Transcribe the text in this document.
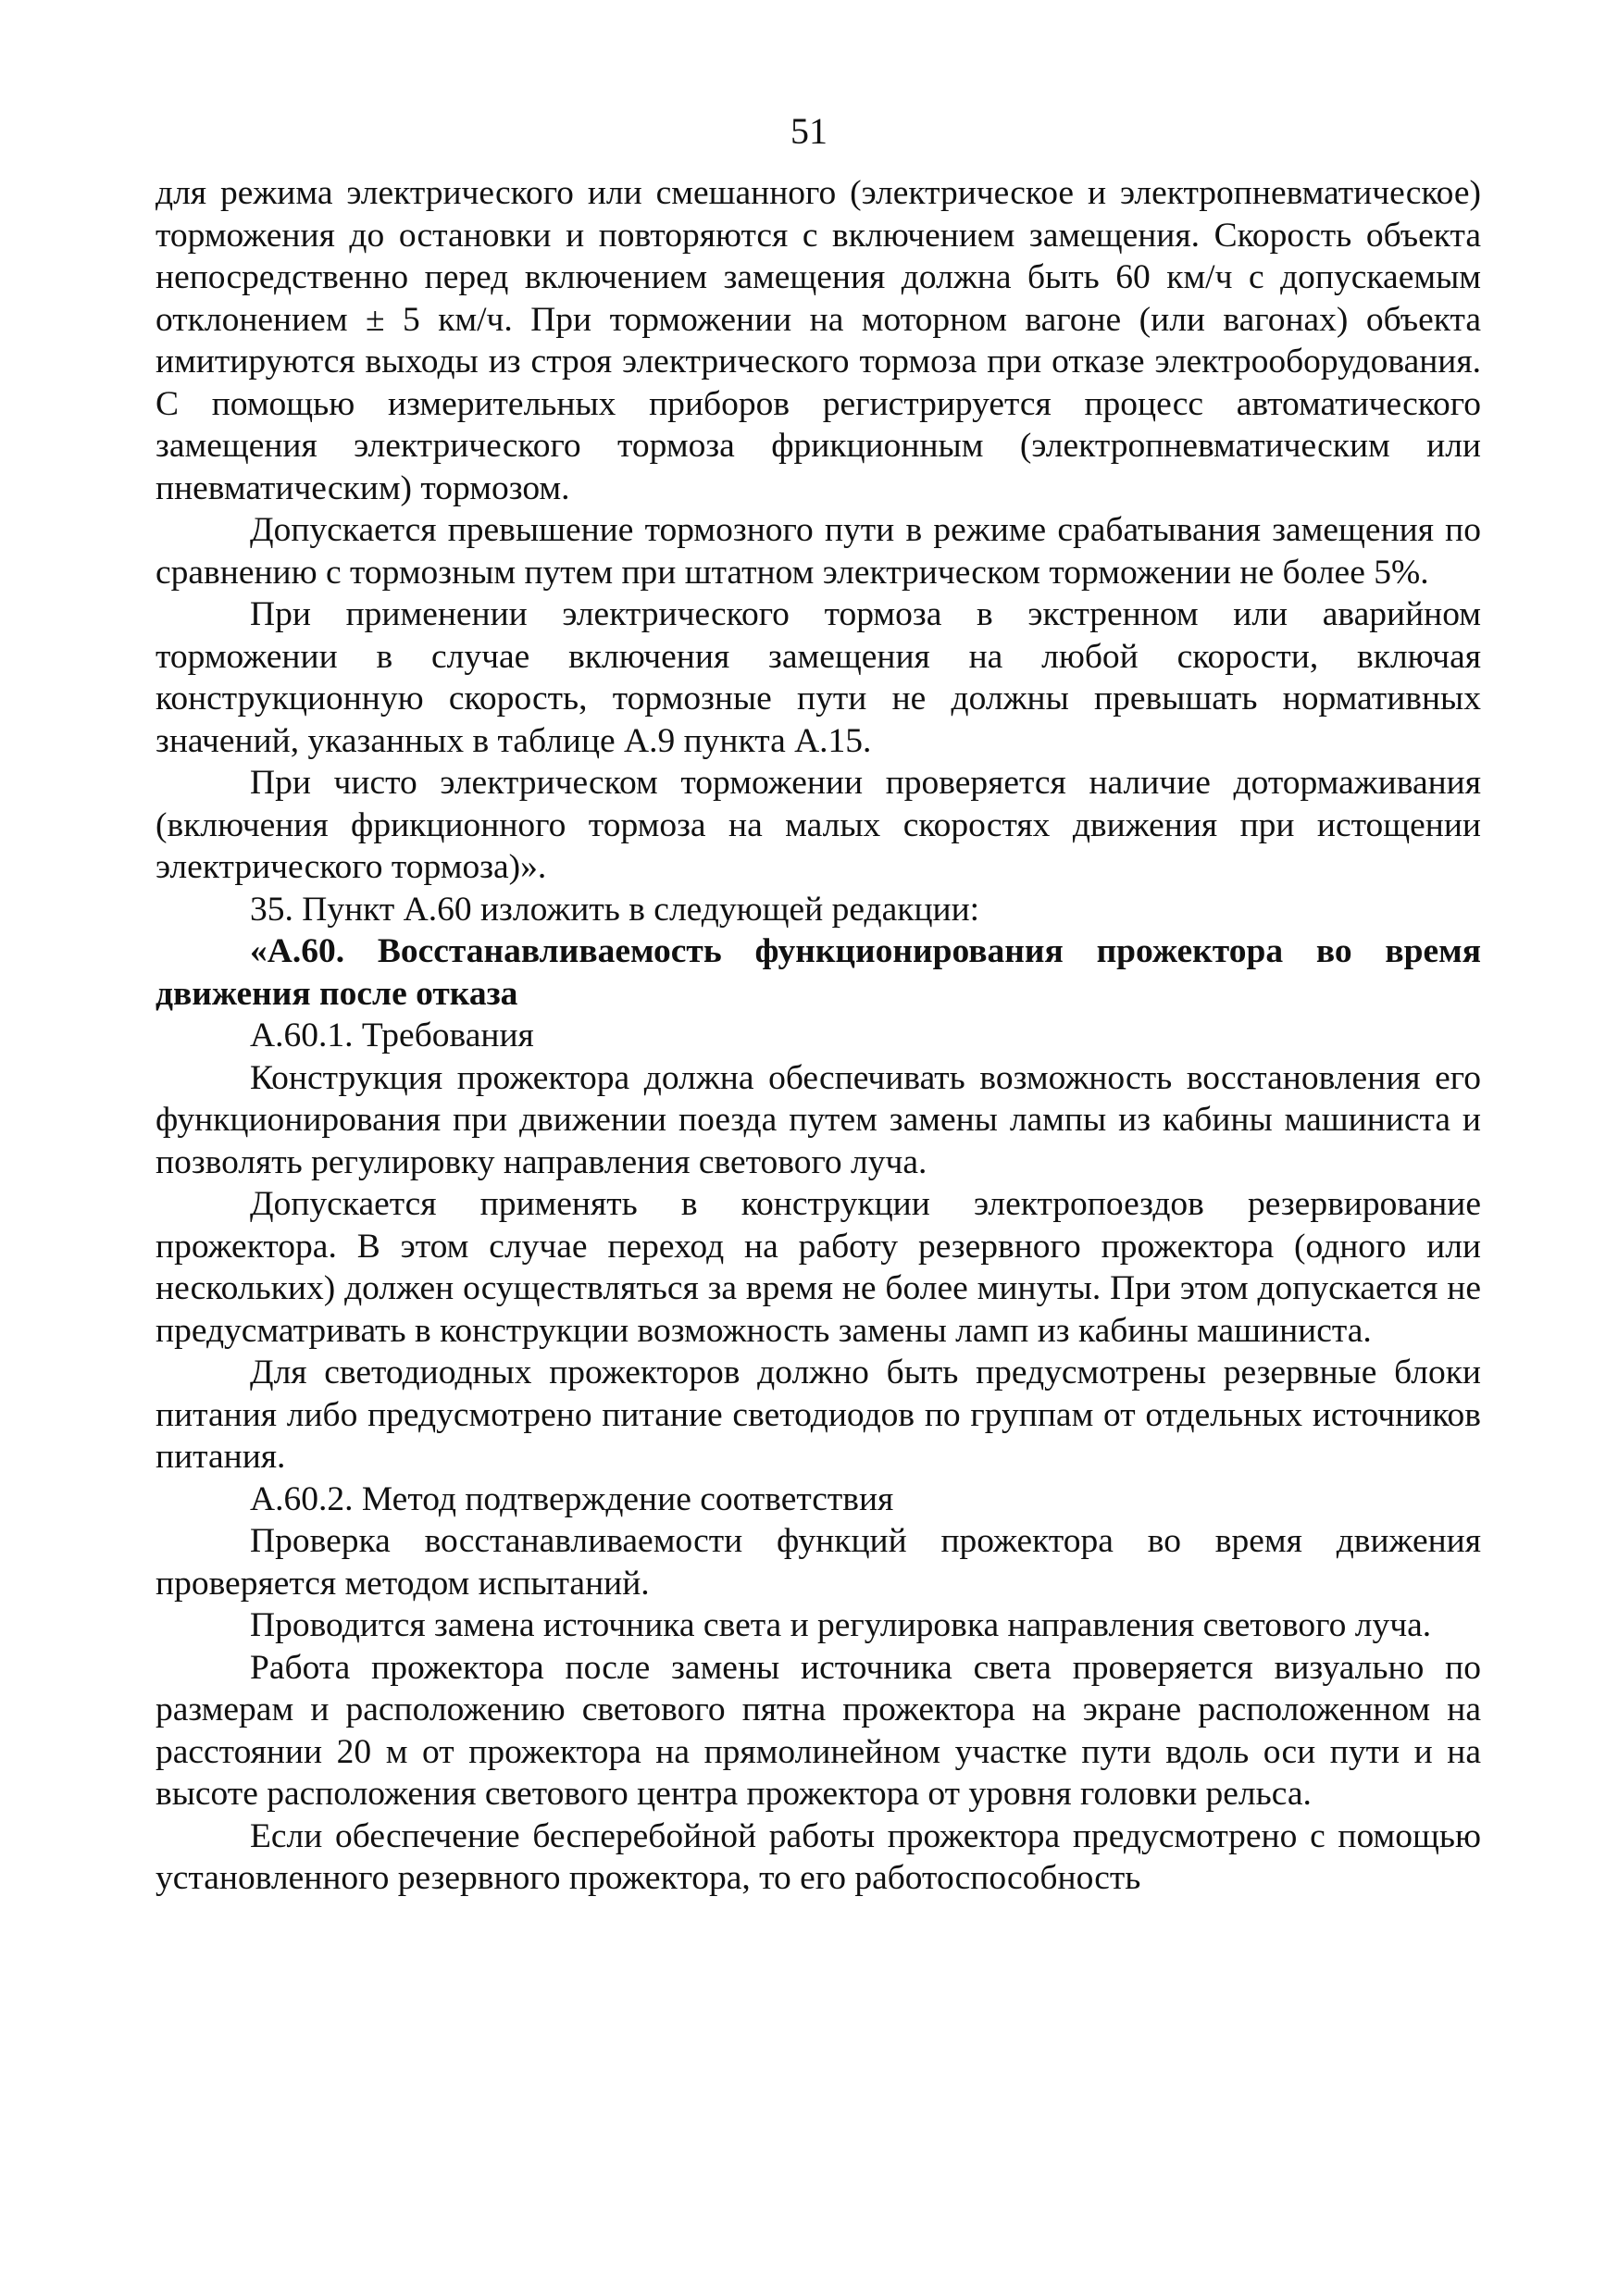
51

для режима электрического или смешанного (электрическое и электропневматическое) торможения до остановки и повторяются с включением замещения. Скорость объекта непосредственно перед включением замещения должна быть 60 км/ч с допускаемым отклонением ± 5 км/ч. При торможении на моторном вагоне (или вагонах) объекта имитируются выходы из строя электрического тормоза при отказе электрооборудования. С помощью измерительных приборов регистрируется процесс автоматического замещения электрического тормоза фрикционным (электропневматическим или пневматическим) тормозом.

Допускается превышение тормозного пути в режиме срабатывания замещения по сравнению с тормозным путем при штатном электрическом торможении не более 5%.

При применении электрического тормоза в экстренном или аварийном торможении в случае включения замещения на любой скорости, включая конструкционную скорость, тормозные пути не должны превышать нормативных значений, указанных в таблице А.9 пункта А.15.

При чисто электрическом торможении проверяется наличие дотормаживания (включения фрикционного тормоза на малых скоростях движения при истощении электрического тормоза)».

35. Пункт А.60 изложить в следующей редакции:

«А.60. Восстанавливаемость функционирования прожектора во время движения после отказа

А.60.1. Требования

Конструкция прожектора должна обеспечивать возможность восстановления его функционирования при движении поезда путем замены лампы из кабины машиниста и позволять регулировку направления светового луча.

Допускается применять в конструкции электропоездов резервирование прожектора. В этом случае переход на работу резервного прожектора (одного или нескольких) должен осуществляться за время не более минуты. При этом допускается не предусматривать в конструкции возможность замены ламп из кабины машиниста.

Для светодиодных прожекторов должно быть предусмотрены резервные блоки питания либо предусмотрено питание светодиодов по группам от отдельных источников питания.

А.60.2. Метод подтверждение соответствия

Проверка восстанавливаемости функций прожектора во время движения проверяется методом испытаний.

Проводится замена источника света и регулировка направления светового луча.

Работа прожектора после замены источника света проверяется визуально по размерам и расположению светового пятна прожектора на экране расположенном на расстоянии 20 м от прожектора на прямолинейном участке пути вдоль оси пути и на высоте расположения светового центра прожектора от уровня головки рельса.

Если обеспечение бесперебойной работы прожектора предусмотрено с помощью установленного резервного прожектора, то его работоспособность
